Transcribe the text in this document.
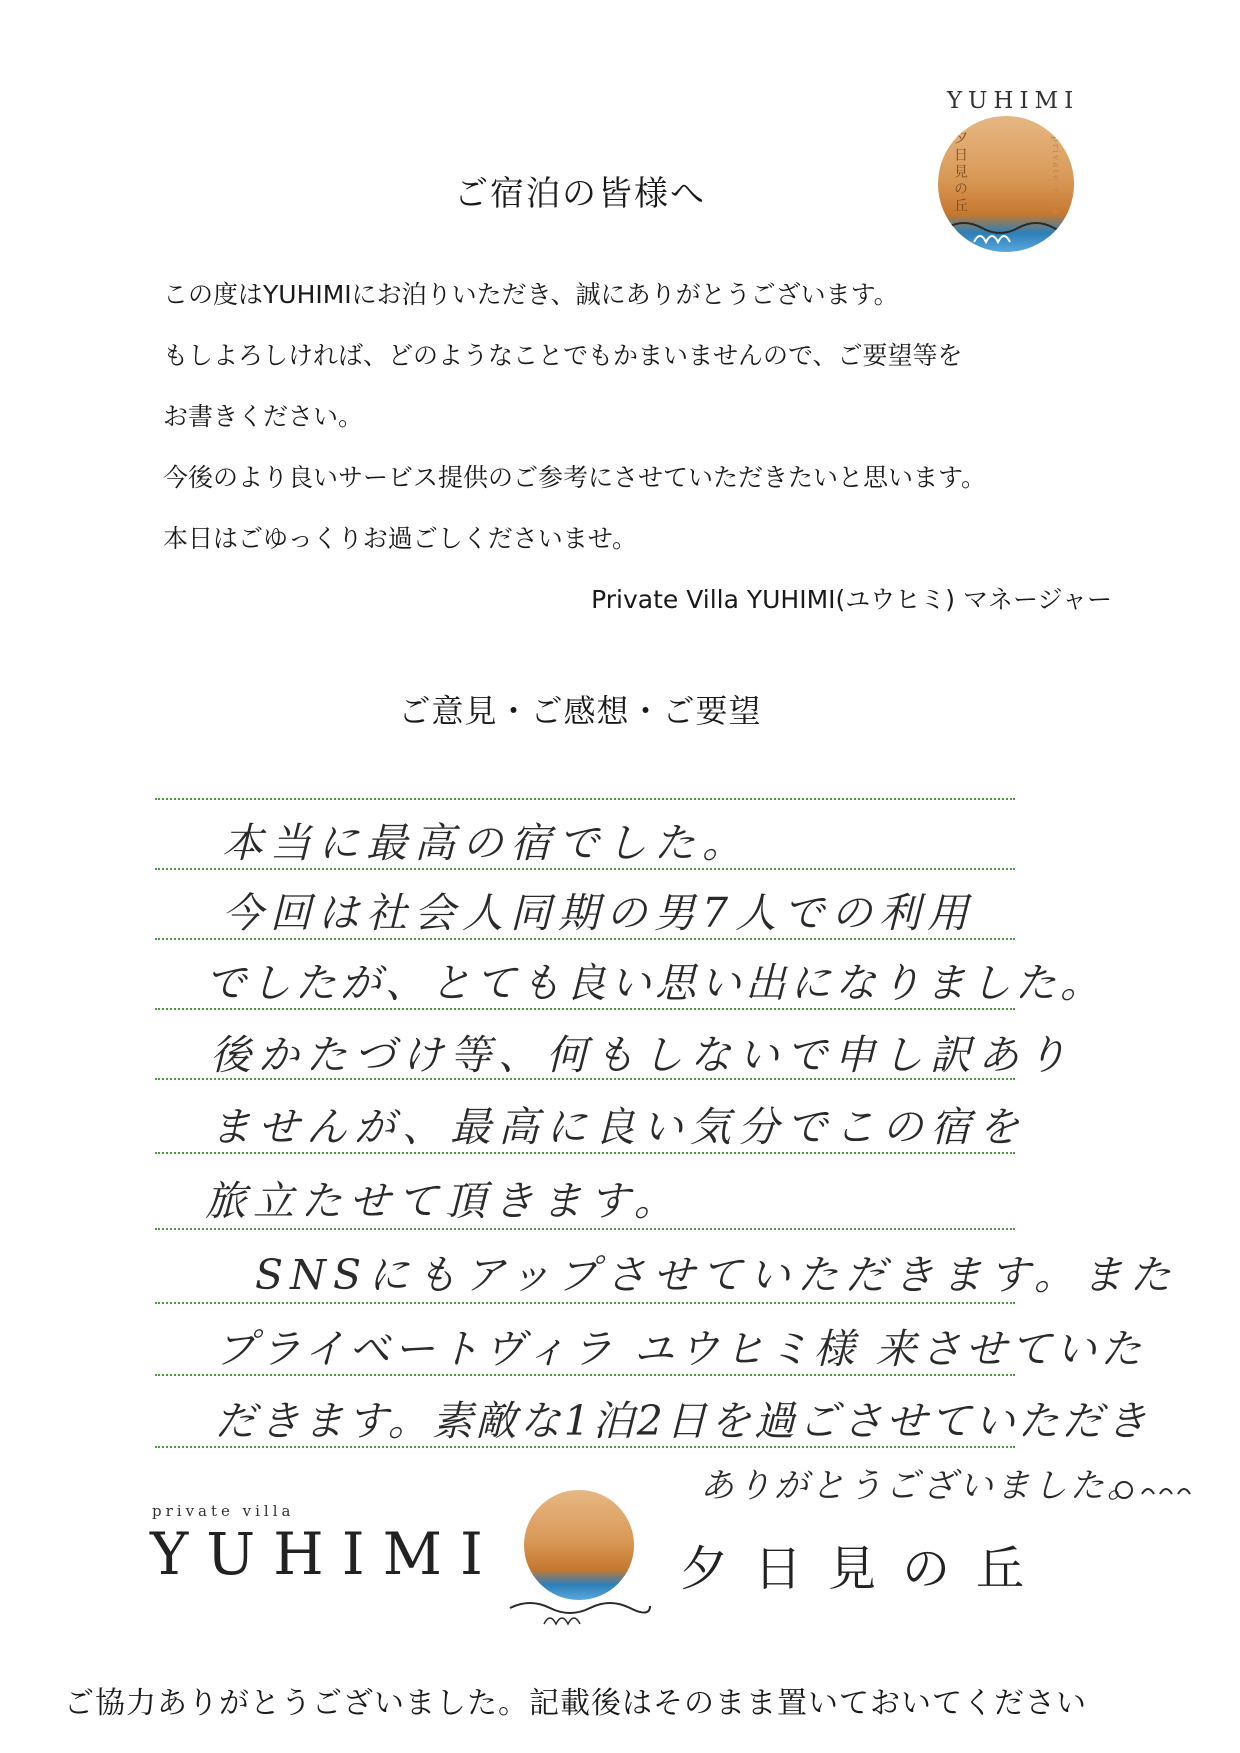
YUHIMI
夕日見の丘	private villa
ご宿泊の皆様へ

この度はYUHIMIにお泊りいただき、誠にありがとうございます。

もしよろしければ、どのようなことでもかまいませんので、ご要望等を

お書きください。

今後のより良いサービス提供のご参考にさせていただきたいと思います。

本日はごゆっくりお過ごしくださいませ。

Private Villa YUHIMI(ユウヒミ) マネージャー
ご意見・ご感想・ご要望

本当に最高の宿でした。

今回は社会人同期の男7人での利用

でしたが、とても良い思い出になりました。

後かたづけ等、何もしないで申し訳あり

ませんが、最高に良い気分でこの宿を

旅立たせて頂きます。

SNSにもアップさせていただきます。また

プライベートヴィラ ユウヒミ様 来させていた

だきます。素敵な1泊2日を過ごさせていただき

ありがとうございました。

private villa
YUHIMI	夕日見の丘
ご協力ありがとうございました。記載後はそのまま置いておいてください
